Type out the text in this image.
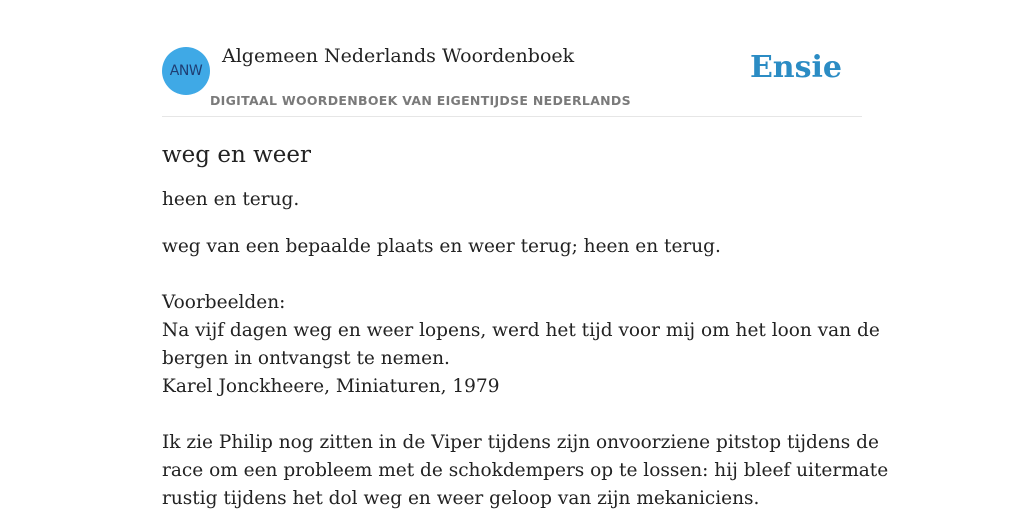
ANW
Algemeen Nederlands Woordenboek
DIGITAAL WOORDENBOEK VAN EIGENTIJDSE NEDERLANDS
Ensie
weg en weer

heen en terug.

weg van een bepaalde plaats en weer terug; heen en terug.
Voorbeelden:
Na vijf dagen weg en weer lopens, werd het tijd voor mij om het loon van de
bergen in ontvangst te nemen.
Karel Jonckheere, Miniaturen, 1979
Ik zie Philip nog zitten in de Viper tijdens zijn onvoorziene pitstop tijdens de
race om een probleem met de schokdempers op te lossen: hij bleef uitermate
rustig tijdens het dol weg en weer geloop van zijn mekaniciens.
